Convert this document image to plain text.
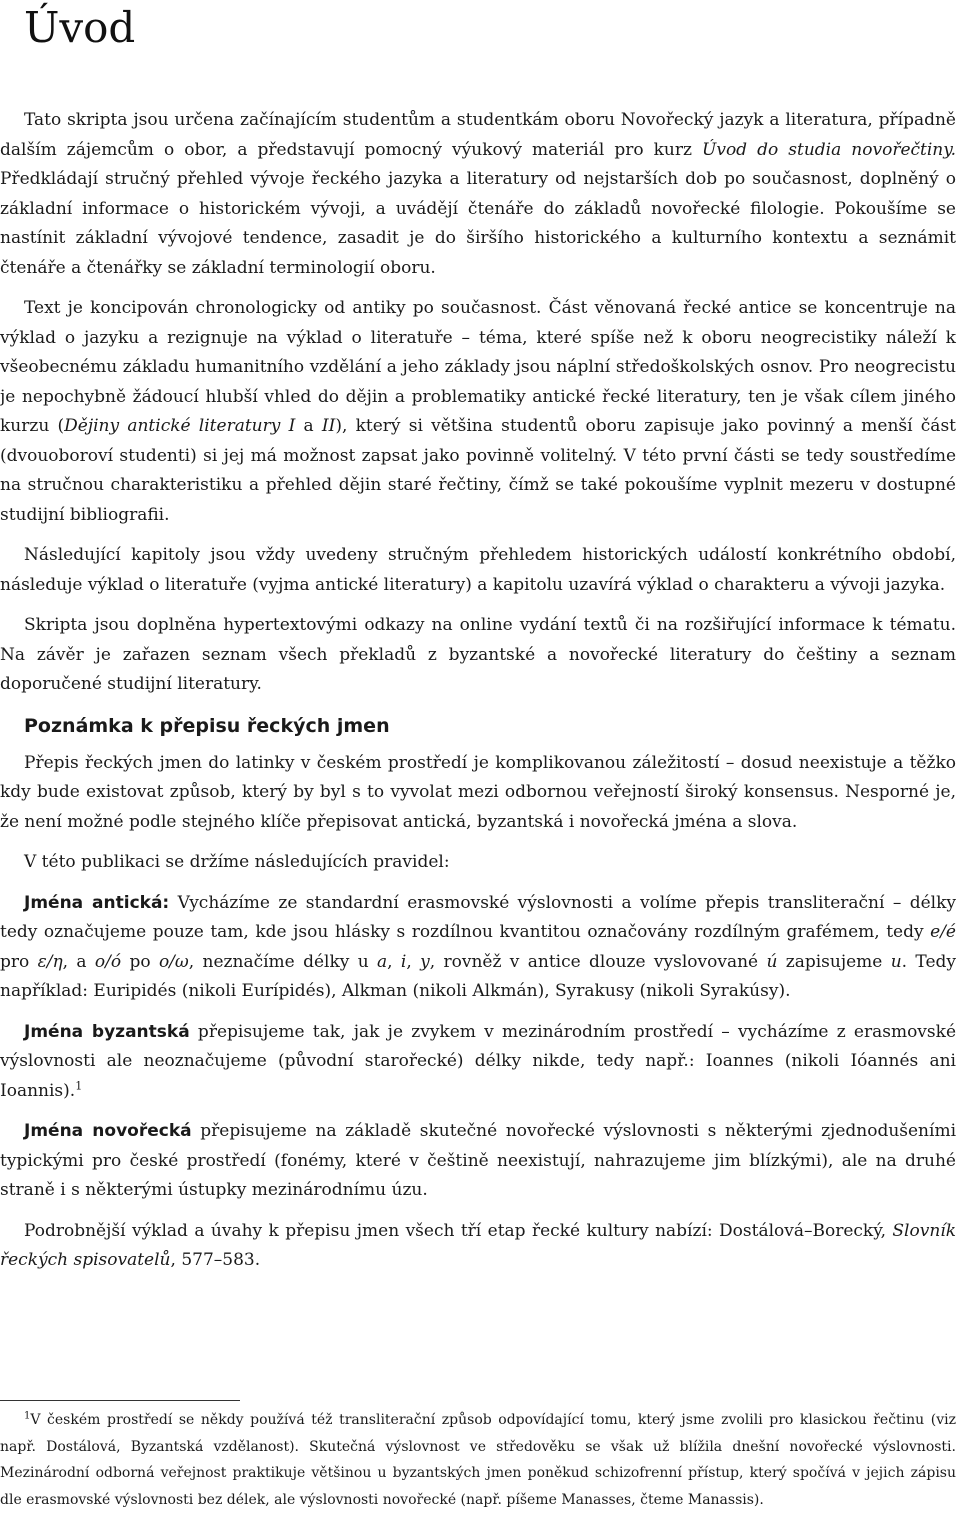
Úvod

Tato skripta jsou určena začínajícím studentům a studentkám oboru Novořecký jazyk a literatura, případně dalším zájemcům o obor, a představují pomocný výukový materiál pro kurz Úvod do studia novořečtiny. Předkládají stručný přehled vývoje řeckého jazyka a literatury od nejstarších dob po současnost, doplněný o základní informace o historickém vývoji, a uvádějí čtenáře do základů novořecké filologie. Pokoušíme se nastínit základní vývojové tendence, zasadit je do širšího historického a kulturního kontextu a seznámit čtenáře a čtenářky se základní terminologií oboru.

Text je koncipován chronologicky od antiky po současnost. Část věnovaná řecké antice se koncentruje na výklad o jazyku a rezignuje na výklad o literatuře – téma, které spíše než k oboru neogrecistiky náleží k všeobecnému základu humanitního vzdělání a jeho základy jsou náplní středoškolských osnov. Pro neogrecistu je nepochybně žádoucí hlubší vhled do dějin a problematiky antické řecké literatury, ten je však cílem jiného kurzu (Dějiny antické literatury I a II), který si většina studentů oboru zapisuje jako povinný a menší část (dvouoboroví studenti) si jej má možnost zapsat jako povinně volitelný. V této první části se tedy soustředíme na stručnou charakteristiku a přehled dějin staré řečtiny, čímž se také pokoušíme vyplnit mezeru v dostupné studijní bibliografii.

Následující kapitoly jsou vždy uvedeny stručným přehledem historických událostí konkrétního období, následuje výklad o literatuře (vyjma antické literatury) a kapitolu uzavírá výklad o charakteru a vývoji jazyka.

Skripta jsou doplněna hypertextovými odkazy na online vydání textů či na rozšiřující informace k tématu. Na závěr je zařazen seznam všech překladů z byzantské a novořecké literatury do češtiny a seznam doporučené studijní literatury.

Poznámka k přepisu řeckých jmen

Přepis řeckých jmen do latinky v českém prostředí je komplikovanou záležitostí – dosud neexistuje a těžko kdy bude existovat způsob, který by byl s to vyvolat mezi odbornou veřejností široký konsensus. Nesporné je, že není možné podle stejného klíče přepisovat antická, byzantská i novořecká jména a slova.

V této publikaci se držíme následujících pravidel:

Jména antická: Vycházíme ze standardní erasmovské výslovnosti a volíme přepis transliterační – délky tedy označujeme pouze tam, kde jsou hlásky s rozdílnou kvantitou označovány rozdílným grafémem, tedy e/é pro ε/η, a o/ó po o/ω, neznačíme délky u a, i, y, rovněž v antice dlouze vyslovované ú zapisujeme u. Tedy například: Euripidés (nikoli Eurípidés), Alkman (nikoli Alkmán), Syrakusy (nikoli Syrakúsy).

Jména byzantská přepisujeme tak, jak je zvykem v mezinárodním prostředí – vycházíme z erasmovské výslovnosti ale neoznačujeme (původní starořecké) délky nikde, tedy např.: Ioannes (nikoli Ióannés ani Ioannis).$^1$

Jména novořecká přepisujeme na základě skutečné novořecké výslovnosti s některými zjednodušeními typickými pro české prostředí (fonémy, které v češtině neexistují, nahrazujeme jim blízkými), ale na druhé straně i s některými ústupky mezinárodnímu úzu.

Podrobnější výklad a úvahy k přepisu jmen všech tří etap řecké kultury nabízí: Dostálová–Borecký, Slovník řeckých spisovatelů, 577–583.

$^1$V českém prostředí se někdy používá též transliterační způsob odpovídající tomu, který jsme zvolili pro klasickou řečtinu (viz např. Dostálová, Byzantská vzdělanost). Skutečná výslovnost ve středověku se však už blížila dnešní novořecké výslovnosti. Mezinárodní odborná veřejnost praktikuje většinou u byzantských jmen poněkud schizofrenní přístup, který spočívá v jejich zápisu dle erasmovské výslovnosti bez délek, ale výslovnosti novořecké (např. píšeme Manasses, čteme Manassis).
